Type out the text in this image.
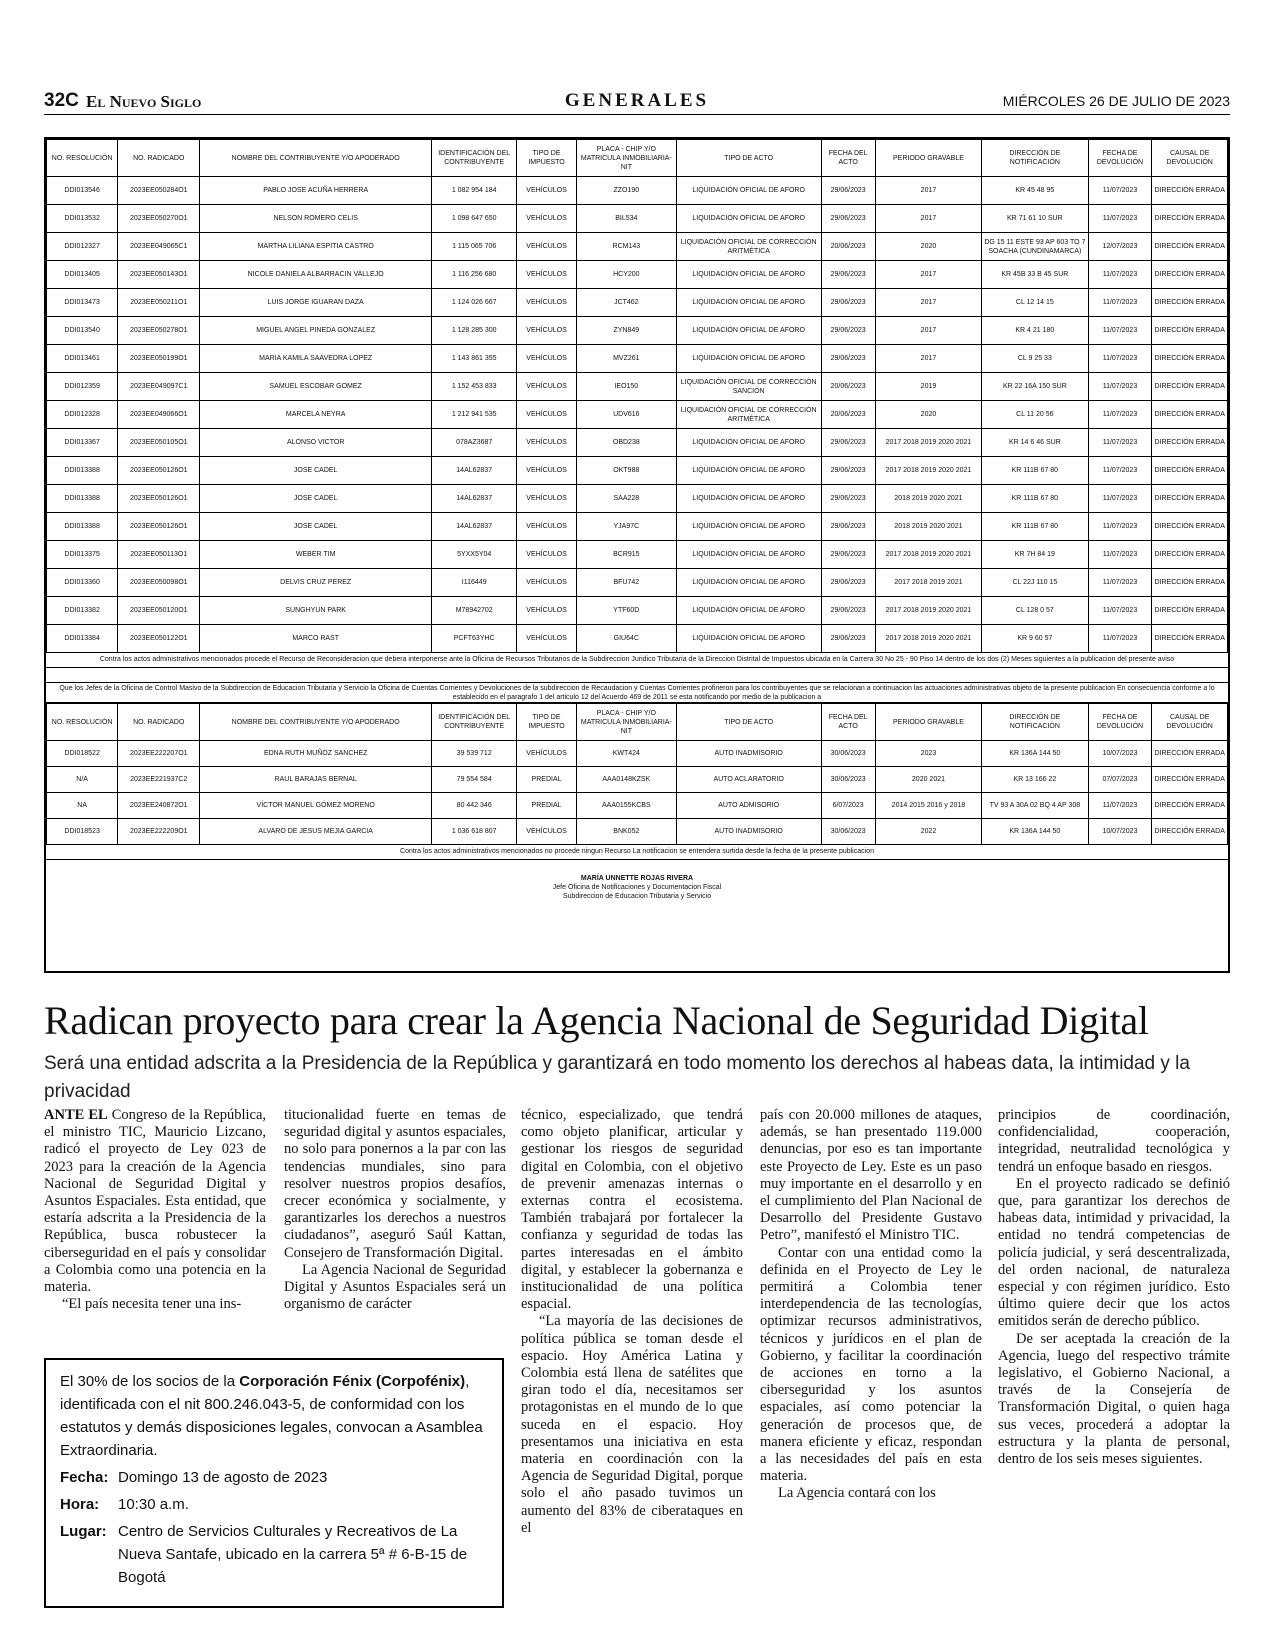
32C El Nuevo Siglo	GENERALES	MIÉRCOLES 26 DE JULIO DE 2023
NO. RESOLUCIÓN	NO. RADICADO	NOMBRE DEL CONTRIBUYENTE Y/O APODERADO	IDENTIFICACIÓN DEL CONTRIBUYENTE	TIPO DE IMPUESTO	PLACA - CHIP Y/O MATRICULA INMOBILIARIA-NIT	TIPO DE ACTO	FECHA DEL ACTO	PERIODO GRAVABLE	DIRECCIÓN DE NOTIFICACIÓN	FECHA DE DEVOLUCIÓN	CAUSAL DE DEVOLUCIÓN
DDI013546	2023EE050284O1	PABLO JOSE ACUÑA HERRERA	1 082 954 184	VEHÍCULOS	ZZO190	LIQUIDACIÓN OFICIAL DE AFORO	29/06/2023	2017	KR 45 48 95	11/07/2023	DIRECCIÓN ERRADA
DDI013532	2023EE050270O1	NELSON ROMERO CELIS	1 098 647 650	VEHÍCULOS	BIL534	LIQUIDACIÓN OFICIAL DE AFORO	29/06/2023	2017	KR 71 61 10 SUR	11/07/2023	DIRECCIÓN ERRADA
DDI012327	2023EE049065C1	MARTHA LILIANA ESPITIA CASTRO	1 115 065 706	VEHÍCULOS	RCM143	LIQUIDACIÓN OFICIAL DE CORRECCIÓN ARITMÉTICA	20/06/2023	2020	DG 15 11 ESTE 93 AP 603 TO 7 SOACHA (CUNDINAMARCA)	12/07/2023	DIRECCIÓN ERRADA
DDI013405	2023EE050143O1	NICOLE DANIELA ALBARRACIN VALLEJO	1 116 256 680	VEHÍCULOS	HCY200	LIQUIDACIÓN OFICIAL DE AFORO	29/06/2023	2017	KR 45B 33 B 45 SUR	11/07/2023	DIRECCIÓN ERRADA
DDI013473	2023EE050211O1	LUIS JORGE IGUARAN DAZA	1 124 026 667	VEHÍCULOS	JCT462	LIQUIDACIÓN OFICIAL DE AFORO	29/06/2023	2017	CL 12 14 15	11/07/2023	DIRECCIÓN ERRADA
DDI013540	2023EE050278O1	MIGUEL ANGEL PINEDA GONZALEZ	1 128 285 300	VEHÍCULOS	ZYN849	LIQUIDACIÓN OFICIAL DE AFORO	29/06/2023	2017	KR 4 21 180	11/07/2023	DIRECCIÓN ERRADA
DDI013461	2023EE050199O1	MARIA KAMILA SAAVEDRA LOPEZ	1 143 861 355	VEHÍCULOS	MVZ261	LIQUIDACIÓN OFICIAL DE AFORO	29/06/2023	2017	CL 9 25 33	11/07/2023	DIRECCIÓN ERRADA
DDI012359	2023EE049097C1	SAMUEL ESCOBAR GOMEZ	1 152 453 833	VEHÍCULOS	IEO150	LIQUIDACIÓN OFICIAL DE CORRECCIÓN SANCIÓN	20/06/2023	2019	KR 22 16A 150 SUR	11/07/2023	DIRECCIÓN ERRADA
DDI012328	2023EE049066O1	MARCELA NEYRA	1 212 941 535	VEHÍCULOS	UDV616	LIQUIDACIÓN OFICIAL DE CORRECCIÓN ARITMÉTICA	20/06/2023	2020	CL 11 20 56	11/07/2023	DIRECCIÓN ERRADA
DDI013367	2023EE050105O1	ALONSO VICTOR	078AZ3687	VEHÍCULOS	OBD238	LIQUIDACIÓN OFICIAL DE AFORO	29/06/2023	2017 2018 2019 2020 2021	KR 14 6 46 SUR	11/07/2023	DIRECCIÓN ERRADA
DDI013388	2023EE050126O1	JOSE CADEL	14AL62837	VEHÍCULOS	OKT988	LIQUIDACIÓN OFICIAL DE AFORO	29/06/2023	2017 2018 2019 2020 2021	KR 111B 67 80	11/07/2023	DIRECCIÓN ERRADA
DDI013388	2023EE050126O1	JOSE CADEL	14AL62837	VEHÍCULOS	SAA228	LIQUIDACIÓN OFICIAL DE AFORO	29/06/2023	2018 2019 2020 2021	KR 111B 67 80	11/07/2023	DIRECCIÓN ERRADA
DDI013388	2023EE050126O1	JOSE CADEL	14AL62837	VEHÍCULOS	YJA97C	LIQUIDACIÓN OFICIAL DE AFORO	29/06/2023	2018 2019 2020 2021	KR 111B 67 80	11/07/2023	DIRECCIÓN ERRADA
DDI013375	2023EE050113O1	WEBER TIM	5YXX5Y04	VEHÍCULOS	BCR915	LIQUIDACIÓN OFICIAL DE AFORO	29/06/2023	2017 2018 2019 2020 2021	KR 7H 84 19	11/07/2023	DIRECCIÓN ERRADA
DDI013360	2023EE050098O1	DELVIS CRUZ PEREZ	I116449	VEHÍCULOS	BFU742	LIQUIDACIÓN OFICIAL DE AFORO	29/06/2023	2017 2018 2019 2021	CL 22J 110 15	11/07/2023	DIRECCIÓN ERRADA
DDI013382	2023EE050120O1	SUNGHYUN PARK	M78942702	VEHÍCULOS	YTF60D	LIQUIDACIÓN OFICIAL DE AFORO	29/06/2023	2017 2018 2019 2020 2021	CL 128 0 57	11/07/2023	DIRECCIÓN ERRADA
DDI013384	2023EE050122O1	MARCO RAST	PCFT63YHC	VEHÍCULOS	GIU64C	LIQUIDACIÓN OFICIAL DE AFORO	29/06/2023	2017 2018 2019 2020 2021	KR 9 60 57	11/07/2023	DIRECCIÓN ERRADA
Contra los actos administrativos mencionados procede el Recurso de Reconsideracion que debera interponerse ante la Oficina de Recursos Tributarios de la Subdireccion Juridico Tributaria de la Direccion Distrital de Impuestos ubicada en la Carrera 30 No 25 - 90 Piso 14 dentro de los dos (2) Meses siguientes a la publicacion del presente aviso
Que los Jefes de la Oficina de Control Masivo de la Subdireccion de Educacion Tributaria y Servicio la Oficina de Cuentas Corrientes y Devoluciones de la subdireccion de Recaudacion y Cuentas Corrientes profirieron para los contribuyentes que se relacionan a continuacion las actuaciones administrativas objeto de la presente publicacion En consecuencia conforme a lo establecido en el paragrafo 1 del articulo 12 del Acuerdo 469 de 2011 se esta notificando por medio de la publicacion a
NO. RESOLUCIÓN	NO. RADICADO	NOMBRE DEL CONTRIBUYENTE Y/O APODERADO	IDENTIFICACIÓN DEL CONTRIBUYENTE	TIPO DE IMPUESTO	PLACA - CHIP Y/O MATRICULA INMOBILIARIA-NIT	TIPO DE ACTO	FECHA DEL ACTO	PERIODO GRAVABLE	DIRECCIÓN DE NOTIFICACIÓN	FECHA DE DEVOLUCIÓN	CAUSAL DE DEVOLUCIÓN
DDI018522	2023EE222207O1	EDNA RUTH MUÑOZ SANCHEZ	39 539 712	VEHÍCULOS	KWT424	AUTO INADMISORIO	30/06/2023	2023	KR 136A 144 50	10/07/2023	DIRECCIÓN ERRADA
N/A	2023EE221937C2	RAUL BARAJAS BERNAL	79 554 584	PREDIAL	AAA0148KZSK	AUTO ACLARATORIO	30/06/2023	2020 2021	KR 13 166 22	07/07/2023	DIRECCIÓN ERRADA
NA	2023EE240872O1	VÍCTOR MANUEL GÓMEZ MORENO	80 442 346	PREDIAL	AAA0155KCBS	AUTO ADMISORIO	6/07/2023	2014 2015 2016 y 2018	TV 93 A 30A 02 BQ 4 AP 308	11/07/2023	DIRECCIÓN ERRADA
DDI018523	2023EE222209O1	ALVARO DE JESUS MEJIA GARCIA	1 036 618 807	VEHÍCULOS	BNK052	AUTO INADMISORIO	30/06/2023	2022	KR 136A 144 50	10/07/2023	DIRECCIÓN ERRADA
Contra los actos administrativos mencionados no procede ningun Recurso La notificacion se entendera surtida desde la fecha de la presente publicacion
MARÍA UNNETTE ROJAS RIVERA
Jefe Oficina de Notificaciones y Documentacion Fiscal
Subdireccion de Educacion Tributaria y Servicio
Radican proyecto para crear la Agencia Nacional de Seguridad Digital
Será una entidad adscrita a la Presidencia de la República y garantizará en todo momento los derechos al habeas data, la intimidad y la privacidad

ANTE EL Congreso de la República, el ministro TIC, Mauricio Lizcano, radicó el proyecto de Ley 023 de 2023 para la creación de la Agencia Nacional de Seguridad Digital y Asuntos Espaciales. Esta entidad, que estaría adscrita a la Presidencia de la República, busca robustecer la ciberseguridad en el país y consolidar a Colombia como una potencia en la materia.

“El país necesita tener una ins-

titucionalidad fuerte en temas de seguridad digital y asuntos espaciales, no solo para ponernos a la par con las tendencias mundiales, sino para resolver nuestros propios desafíos, crecer económica y socialmente, y garantizarles los derechos a nuestros ciudadanos”, aseguró Saúl Kattan, Consejero de Transformación Digital.

La Agencia Nacional de Seguridad Digital y Asuntos Espaciales será un organismo de carácter

técnico, especializado, que tendrá como objeto planificar, articular y gestionar los riesgos de seguridad digital en Colombia, con el objetivo de prevenir amenazas internas o externas contra el ecosistema. También trabajará por fortalecer la confianza y seguridad de todas las partes interesadas en el ámbito digital, y establecer la gobernanza e institucionalidad de una política espacial.

“La mayoría de las decisiones de política pública se toman desde el espacio. Hoy América Latina y Colombia está llena de satélites que giran todo el día, necesitamos ser protagonistas en el mundo de lo que suceda en el espacio. Hoy presentamos una iniciativa en esta materia en coordinación con la Agencia de Seguridad Digital, porque solo el año pasado tuvimos un aumento del 83% de ciberataques en el

país con 20.000 millones de ataques, además, se han presentado 119.000 denuncias, por eso es tan importante este Proyecto de Ley. Este es un paso muy importante en el desarrollo y en el cumplimiento del Plan Nacional de Desarrollo del Presidente Gustavo Petro”, manifestó el Ministro TIC.

Contar con una entidad como la definida en el Proyecto de Ley le permitirá a Colombia tener interdependencia de las tecnologías, optimizar recursos administrativos, técnicos y jurídicos en el plan de Gobierno, y facilitar la coordinación de acciones en torno a la ciberseguridad y los asuntos espaciales, así como potenciar la generación de procesos que, de manera eficiente y eficaz, respondan a las necesidades del país en esta materia.

La Agencia contará con los

principios de coordinación, confidencialidad, cooperación, integridad, neutralidad tecnológica y tendrá un enfoque basado en riesgos.

En el proyecto radicado se definió que, para garantizar los derechos de habeas data, intimidad y privacidad, la entidad no tendrá competencias de policía judicial, y será descentralizada, del orden nacional, de naturaleza especial y con régimen jurídico. Esto último quiere decir que los actos emitidos serán de derecho público.

De ser aceptada la creación de la Agencia, luego del respectivo trámite legislativo, el Gobierno Nacional, a través de la Consejería de Transformación Digital, o quien haga sus veces, procederá a adoptar la estructura y la planta de personal, dentro de los seis meses siguientes.

El 30% de los socios de la Corporación Fénix (Corpofénix), identificada con el nit 800.246.043-5, de conformidad con los estatutos y demás disposiciones legales, convocan a Asamblea Extraordinaria.
Fecha: Domingo 13 de agosto de 2023
Hora:	10:30 a.m.
Lugar: Centro de Servicios Culturales y Recreativos de La Nueva Santafe, ubicado en la carrera 5ª # 6-B-15 de Bogotá
